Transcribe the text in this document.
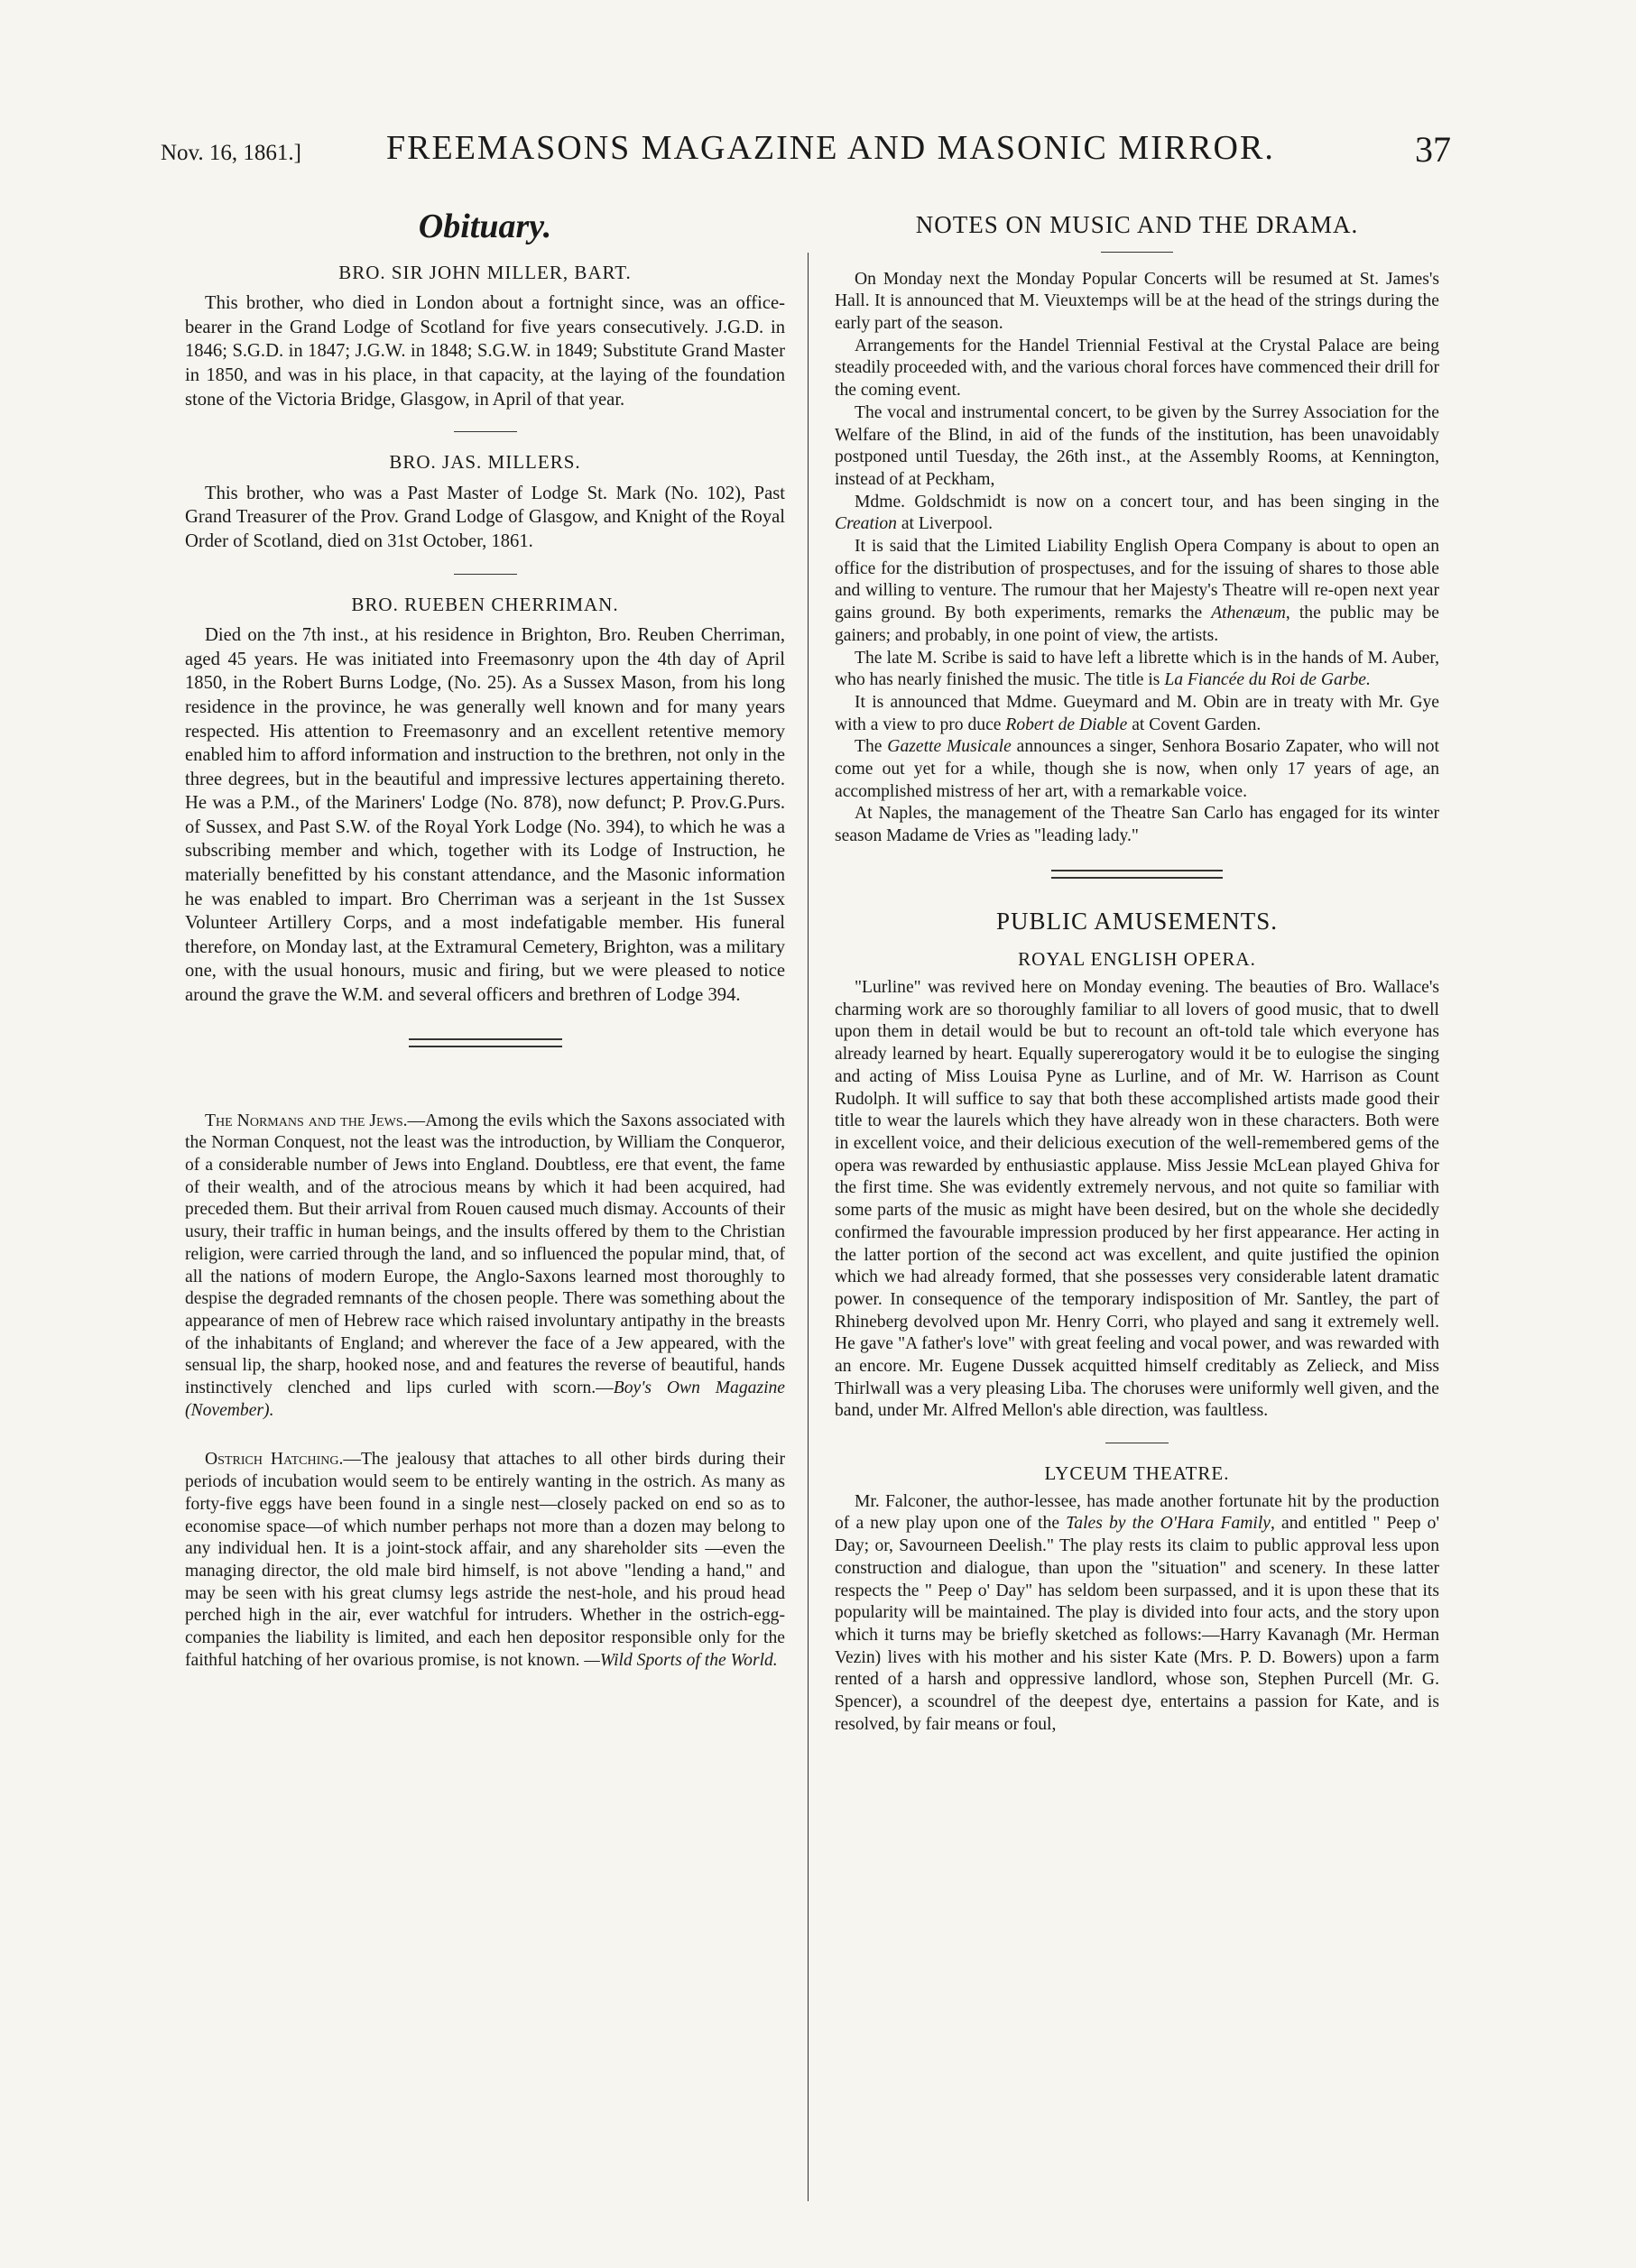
Nov. 16, 1861.] FREEMASONS MAGAZINE AND MASONIC MIRROR.	37
Obituary.
BRO. SIR JOHN MILLER, BART.

This brother, who died in London about a fortnight since, was an office-bearer in the Grand Lodge of Scotland for five years consecutively. J.G.D. in 1846; S.G.D. in 1847; J.G.W. in 1848; S.G.W. in 1849; Substitute Grand Master in 1850, and was in his place, in that capacity, at the laying of the foundation stone of the Victoria Bridge, Glasgow, in April of that year.

BRO. JAS. MILLERS.

This brother, who was a Past Master of Lodge St. Mark (No. 102), Past Grand Treasurer of the Prov. Grand Lodge of Glasgow, and Knight of the Royal Order of Scotland, died on 31st October, 1861.

BRO. RUEBEN CHERRIMAN.

Died on the 7th inst., at his residence in Brighton, Bro. Reuben Cherriman, aged 45 years. He was initiated into Freemasonry upon the 4th day of April 1850, in the Robert Burns Lodge, (No. 25). As a Sussex Mason, from his long residence in the province, he was generally well known and for many years respected. His attention to Freemasonry and an excellent retentive memory enabled him to afford information and instruction to the brethren, not only in the three degrees, but in the beautiful and impressive lectures appertaining thereto. He was a P.M., of the Mariners' Lodge (No. 878), now defunct; P. Prov.G.Purs. of Sussex, and Past S.W. of the Royal York Lodge (No. 394), to which he was a subscribing member and which, together with its Lodge of Instruction, he materially benefitted by his constant attendance, and the Masonic information he was enabled to impart. Bro Cherriman was a serjeant in the 1st Sussex Volunteer Artillery Corps, and a most indefatigable member. His funeral therefore, on Monday last, at the Extramural Cemetery, Brighton, was a military one, with the usual honours, music and firing, but we were pleased to notice around the grave the W.M. and several officers and brethren of Lodge 394.

The Normans and the Jews.—Among the evils which the Saxons associated with the Norman Conquest, not the least was the introduction, by William the Conqueror, of a considerable number of Jews into England. Doubtless, ere that event, the fame of their wealth, and of the atrocious means by which it had been acquired, had preceded them. But their arrival from Rouen caused much dismay. Accounts of their usury, their traffic in human beings, and the insults offered by them to the Christian religion, were carried through the land, and so influenced the popular mind, that, of all the nations of modern Europe, the Anglo-Saxons learned most thoroughly to despise the degraded remnants of the chosen people. There was something about the appearance of men of Hebrew race which raised involuntary antipathy in the breasts of the inhabitants of England; and wherever the face of a Jew appeared, with the sensual lip, the sharp, hooked nose, and and features the reverse of beautiful, hands instinctively clenched and lips curled with scorn.—Boy's Own Magazine (November).

Ostrich Hatching.—The jealousy that attaches to all other birds during their periods of incubation would seem to be entirely wanting in the ostrich. As many as forty-five eggs have been found in a single nest—closely packed on end so as to economise space—of which number perhaps not more than a dozen may belong to any individual hen. It is a joint-stock affair, and any shareholder sits —even the managing director, the old male bird himself, is not above "lending a hand," and may be seen with his great clumsy legs astride the nest-hole, and his proud head perched high in the air, ever watchful for intruders. Whether in the ostrich-egg-companies the liability is limited, and each hen depositor responsible only for the faithful hatching of her ovarious promise, is not known. —Wild Sports of the World.

NOTES ON MUSIC AND THE DRAMA.

On Monday next the Monday Popular Concerts will be resumed at St. James's Hall. It is announced that M. Vieuxtemps will be at the head of the strings during the early part of the season.

Arrangements for the Handel Triennial Festival at the Crystal Palace are being steadily proceeded with, and the various choral forces have commenced their drill for the coming event.

The vocal and instrumental concert, to be given by the Surrey Association for the Welfare of the Blind, in aid of the funds of the institution, has been unavoidably postponed until Tuesday, the 26th inst., at the Assembly Rooms, at Kennington, instead of at Peckham,

Mdme. Goldschmidt is now on a concert tour, and has been singing in the Creation at Liverpool.

It is said that the Limited Liability English Opera Company is about to open an office for the distribution of prospectuses, and for the issuing of shares to those able and willing to venture. The rumour that her Majesty's Theatre will re-open next year gains ground. By both experiments, remarks the Athenæum, the public may be gainers; and probably, in one point of view, the artists.

The late M. Scribe is said to have left a librette which is in the hands of M. Auber, who has nearly finished the music. The title is La Fiancée du Roi de Garbe.

It is announced that Mdme. Gueymard and M. Obin are in treaty with Mr. Gye with a view to pro duce Robert de Diable at Covent Garden.

The Gazette Musicale announces a singer, Senhora Bosario Zapater, who will not come out yet for a while, though she is now, when only 17 years of age, an accomplished mistress of her art, with a remarkable voice.

At Naples, the management of the Theatre San Carlo has engaged for its winter season Madame de Vries as "leading lady."

PUBLIC AMUSEMENTS.
ROYAL ENGLISH OPERA.

"Lurline" was revived here on Monday evening. The beauties of Bro. Wallace's charming work are so thoroughly familiar to all lovers of good music, that to dwell upon them in detail would be but to recount an oft-told tale which everyone has already learned by heart. Equally supererogatory would it be to eulogise the singing and acting of Miss Louisa Pyne as Lurline, and of Mr. W. Harrison as Count Rudolph. It will suffice to say that both these accomplished artists made good their title to wear the laurels which they have already won in these characters. Both were in excellent voice, and their delicious execution of the well-remembered gems of the opera was rewarded by enthusiastic applause. Miss Jessie McLean played Ghiva for the first time. She was evidently extremely nervous, and not quite so familiar with some parts of the music as might have been desired, but on the whole she decidedly confirmed the favourable impression produced by her first appearance. Her acting in the latter portion of the second act was excellent, and quite justified the opinion which we had already formed, that she possesses very considerable latent dramatic power. In consequence of the temporary indisposition of Mr. Santley, the part of Rhineberg devolved upon Mr. Henry Corri, who played and sang it extremely well. He gave "A father's love" with great feeling and vocal power, and was rewarded with an encore. Mr. Eugene Dussek acquitted himself creditably as Zelieck, and Miss Thirlwall was a very pleasing Liba. The choruses were uniformly well given, and the band, under Mr. Alfred Mellon's able direction, was faultless.

LYCEUM THEATRE.

Mr. Falconer, the author-lessee, has made another fortunate hit by the production of a new play upon one of the Tales by the O'Hara Family, and entitled " Peep o' Day; or, Savourneen Deelish." The play rests its claim to public approval less upon construction and dialogue, than upon the "situation" and scenery. In these latter respects the " Peep o' Day" has seldom been surpassed, and it is upon these that its popularity will be maintained. The play is divided into four acts, and the story upon which it turns may be briefly sketched as follows:—Harry Kavanagh (Mr. Herman Vezin) lives with his mother and his sister Kate (Mrs. P. D. Bowers) upon a farm rented of a harsh and oppressive landlord, whose son, Stephen Purcell (Mr. G. Spencer), a scoundrel of the deepest dye, entertains a passion for Kate, and is resolved, by fair means or foul,
